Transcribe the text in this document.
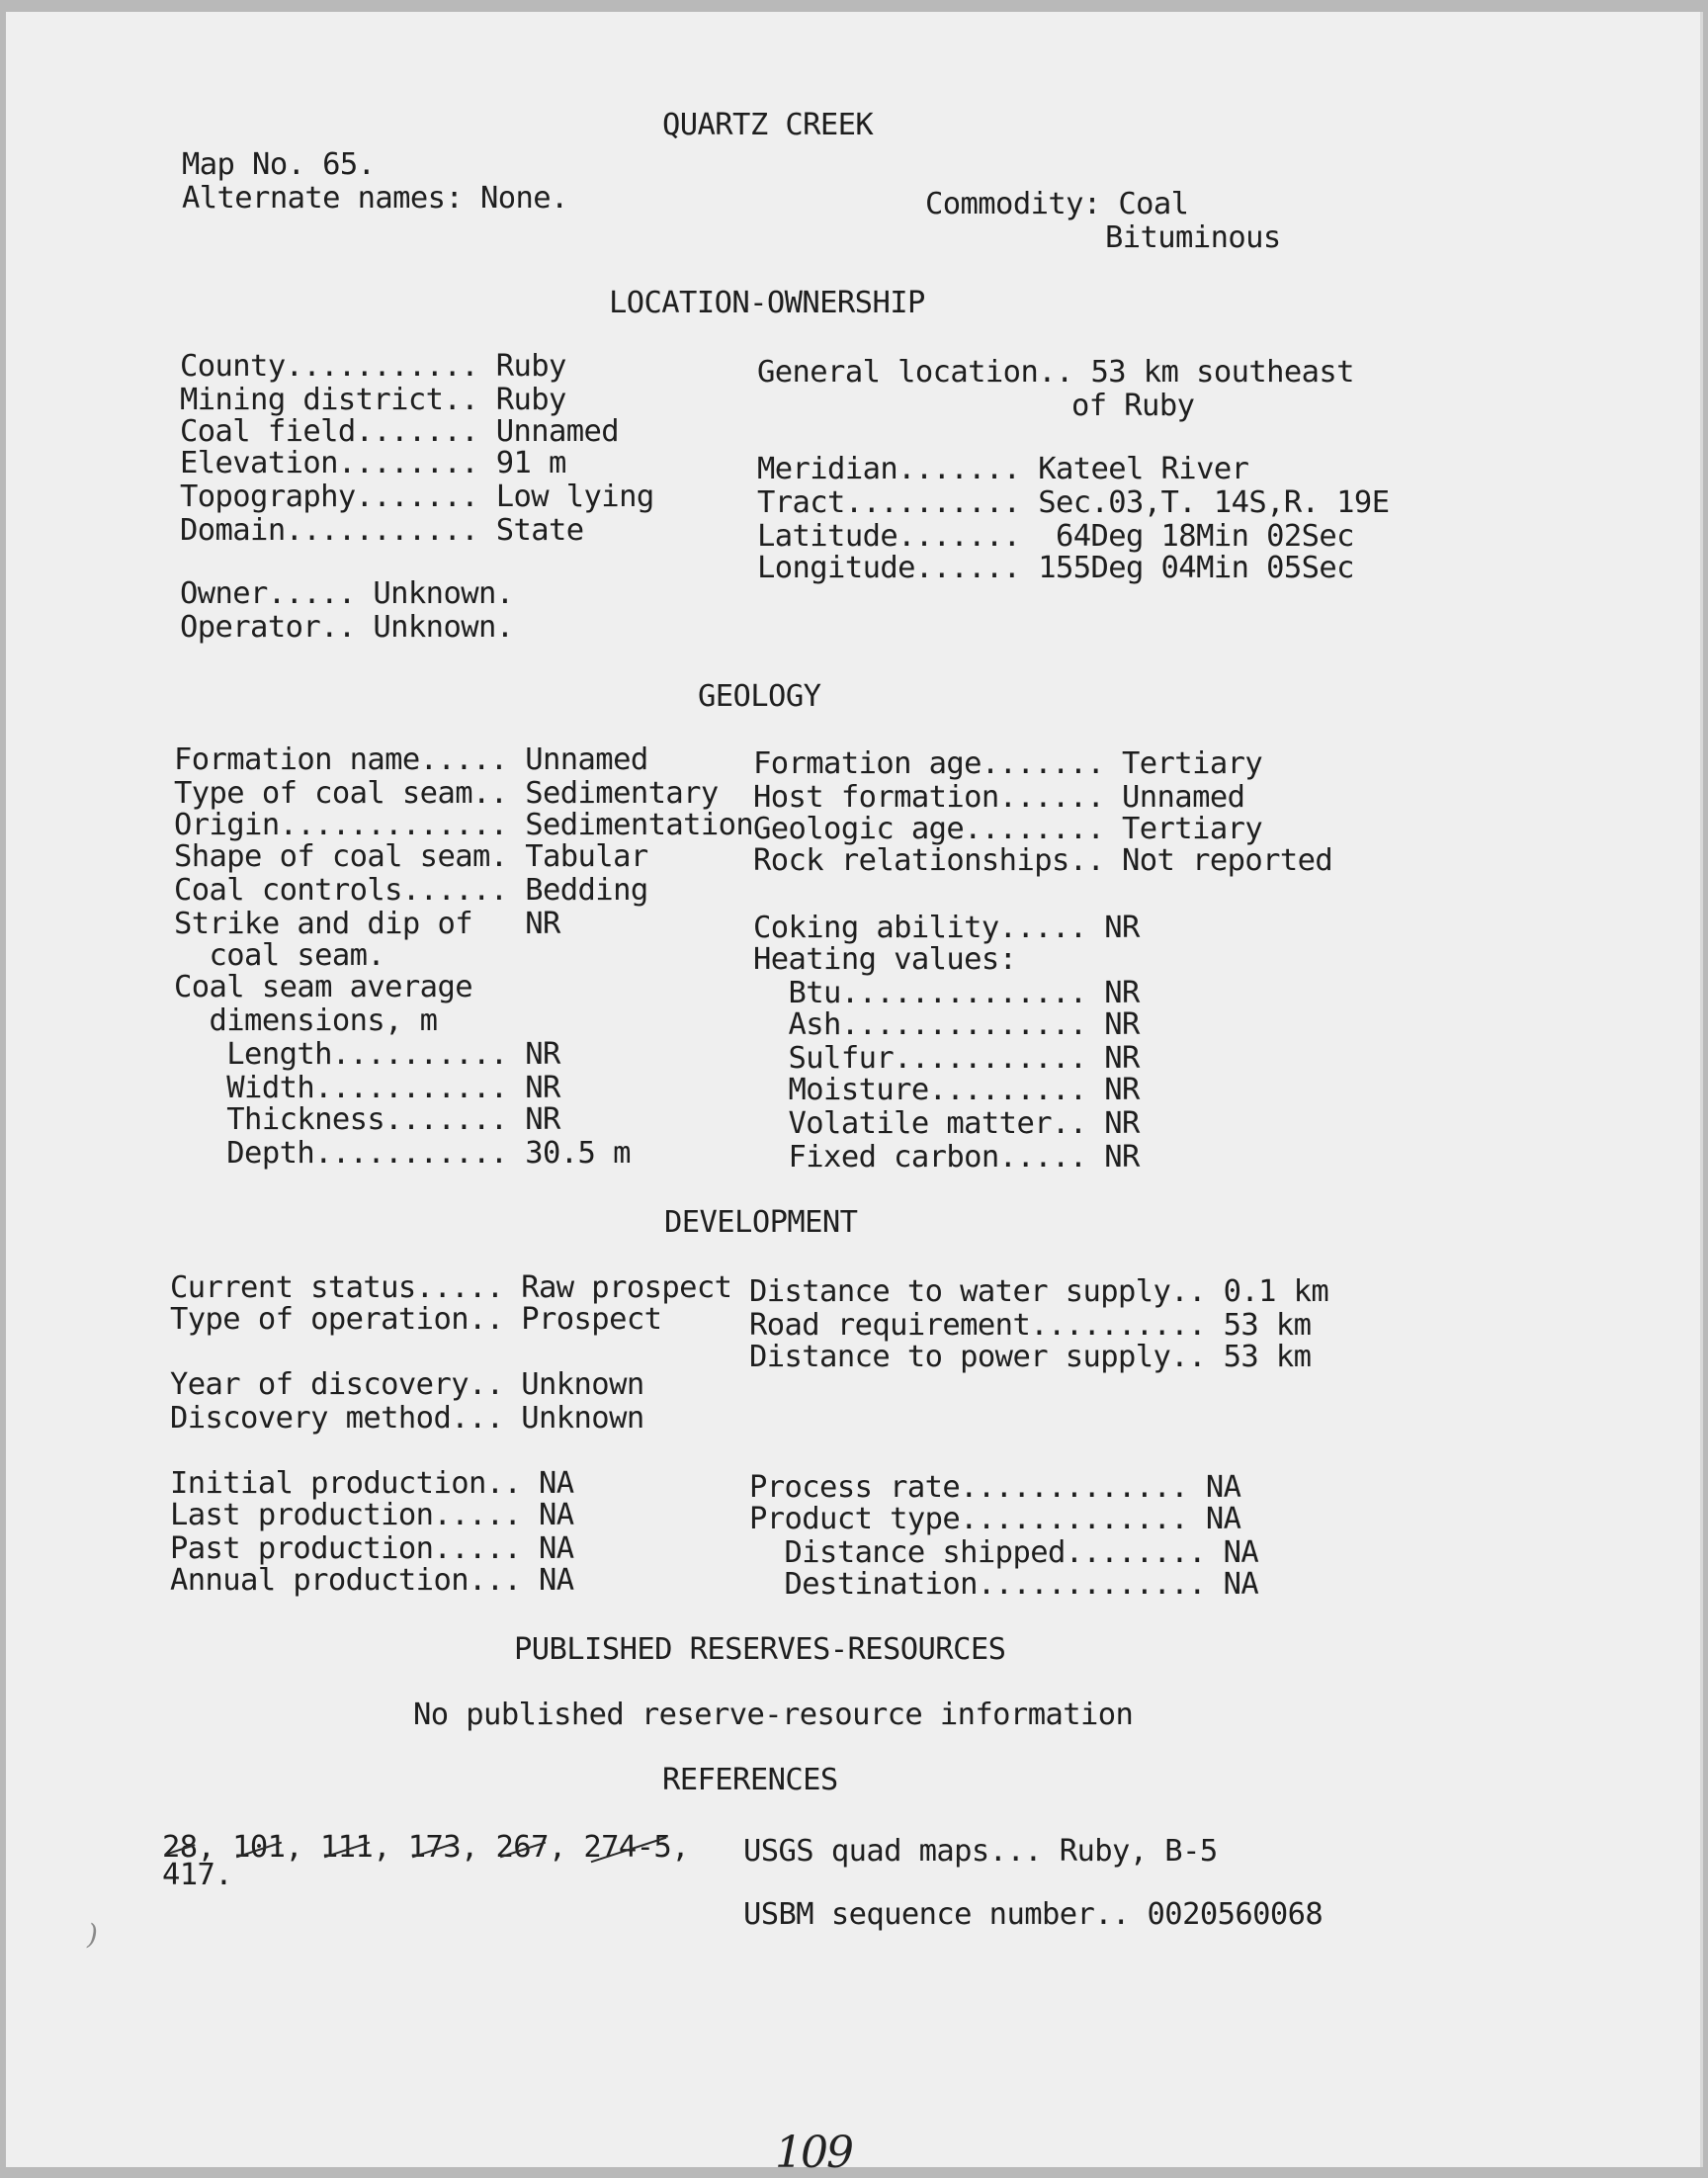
QUARTZ CREEK
Map No. 65.
Alternate names: None.	Commodity: Coal
Bituminous
LOCATION-OWNERSHIP
County........... Ruby
Mining district.. Ruby
Coal field....... Unnamed
Elevation........ 91 m
Topography....... Low lying
Domain........... State
Owner..... Unknown.
Operator.. Unknown.
General location.. 53 km southeast
of Ruby
Meridian....... Kateel River
Tract.......... Sec.03,T. 14S,R. 19E
Latitude.......  64Deg 18Min 02Sec
Longitude...... 155Deg 04Min 05Sec
GEOLOGY
Formation name..... Unnamed
Type of coal seam.. Sedimentary
Origin............. Sedimentation
Shape of coal seam. Tabular
Coal controls...... Bedding
Strike and dip of   NR
coal seam.
Coal seam average
dimensions, m
Length.......... NR
Width........... NR
Thickness....... NR
Depth........... 30.5 m
Formation age....... Tertiary
Host formation...... Unnamed
Geologic age........ Tertiary
Rock relationships.. Not reported
Coking ability..... NR
Heating values:
Btu.............. NR
Ash.............. NR
Sulfur........... NR
Moisture......... NR
Volatile matter.. NR
Fixed carbon..... NR
DEVELOPMENT
Current status..... Raw prospect
Type of operation.. Prospect
Year of discovery.. Unknown
Discovery method... Unknown
Initial production.. NA
Last production..... NA
Past production..... NA
Annual production... NA
Distance to water supply.. 0.1 km
Road requirement.......... 53 km
Distance to power supply.. 53 km
Process rate............. NA
Product type............. NA
Distance shipped........ NA
Destination............. NA
PUBLISHED RESERVES-RESOURCES
No published reserve-resource information
REFERENCES
28, 101, 111, 173, 267, 274-5,
417.
USGS quad maps... Ruby, B-5
USBM sequence number.. 0020560068
)
109
